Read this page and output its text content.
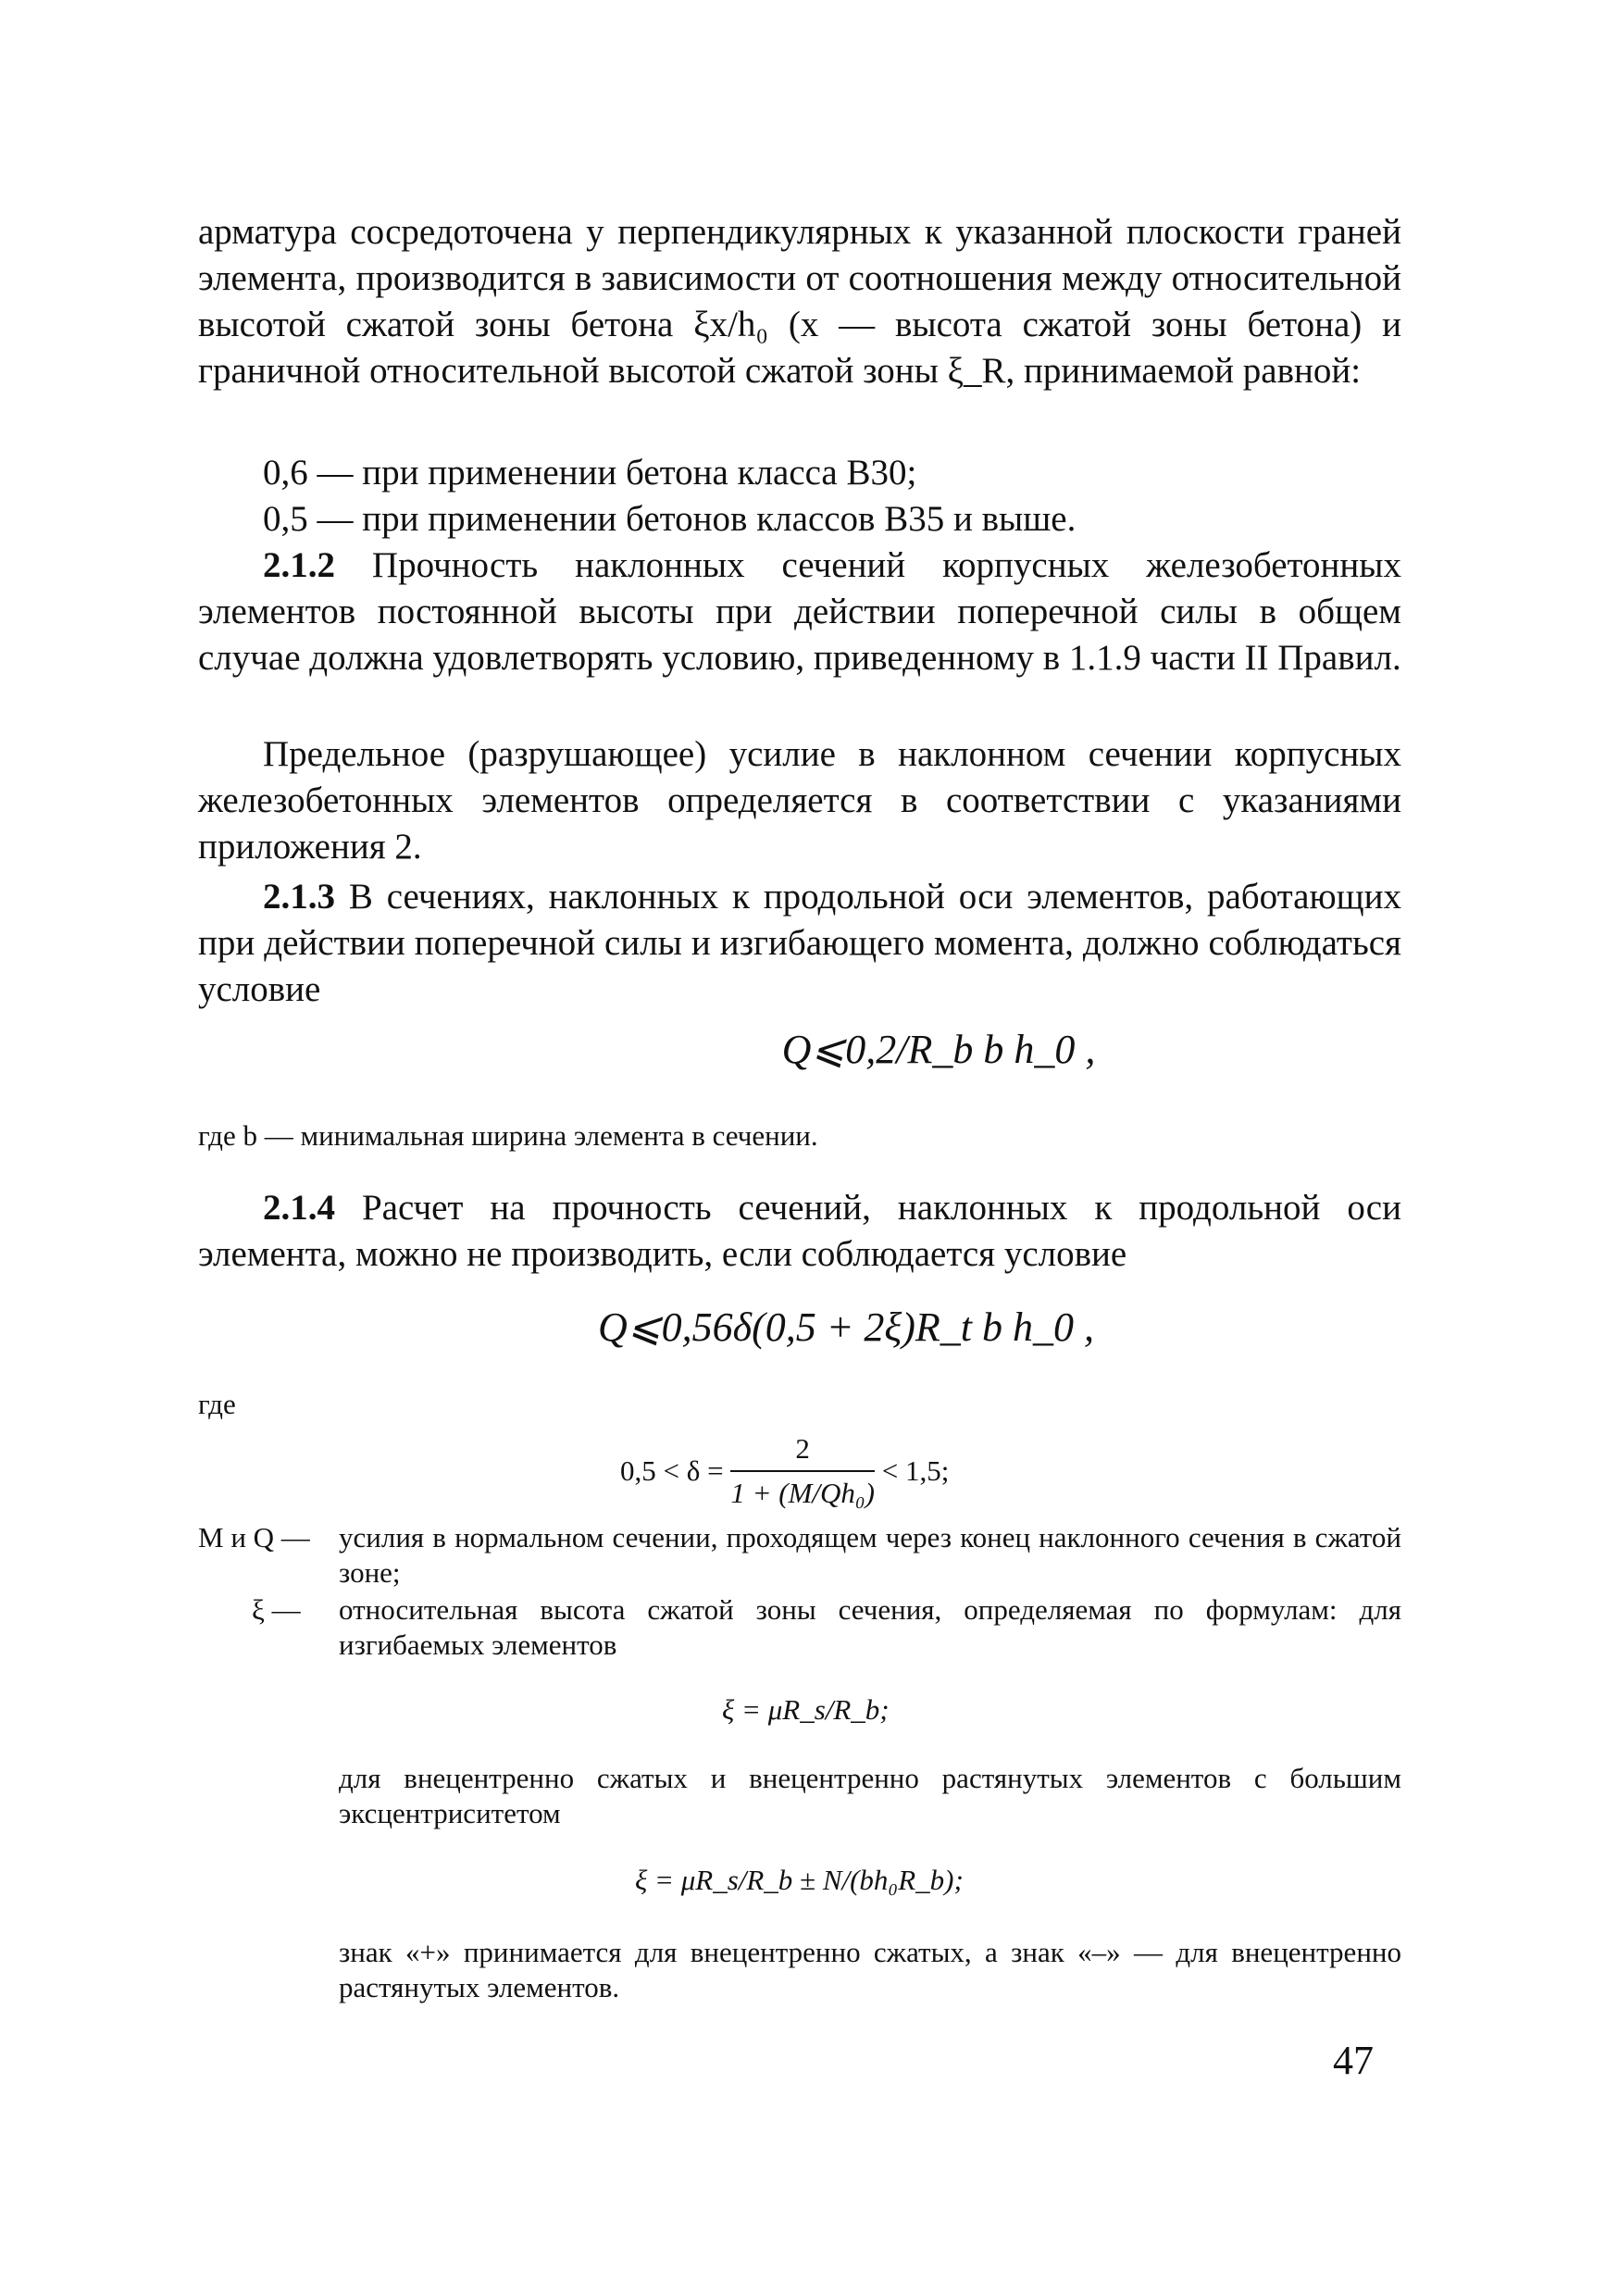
арматура сосредоточена у перпендикулярных к указанной плоскости граней элемента, производится в зависимости от соотношения между относительной высотой сжатой зоны бетона ξx/h₀ (x — высота сжатой зоны бетона) и граничной относительной высотой сжатой зоны ξ_R, принимаемой равной:

0,6 — при применении бетона класса B30;

0,5 — при применении бетонов классов B35 и выше.

2.1.2 Прочность наклонных сечений корпусных железобетонных элементов постоянной высоты при действии поперечной силы в общем случае должна удовлетворять условию, приведенному в 1.1.9 части II Правил.

Предельное (разрушающее) усилие в наклонном сечении корпусных железобетонных элементов определяется в соответствии с указаниями приложения 2.

2.1.3 В сечениях, наклонных к продольной оси элементов, работающих при действии поперечной силы и изгибающего момента, должно соблюдаться условие

Q⩽0,2/R_b b h_0 ,
где b — минимальная ширина элемента в сечении.

2.1.4 Расчет на прочность сечений, наклонных к продольной оси элемента, можно не производить, если соблюдается условие

Q⩽0,56δ(0,5 + 2ξ)R_t b h_0 ,
где
$0,5 < \delta = \frac{2}{\text{1 + (M/Qh₀)}} < 1,5$;
M и Q —	усилия в нормальном сечении, проходящем через конец наклонного сечения в сжатой зоне;
ξ —	относительная высота сжатой зоны сечения, определяемая по формулам: для изгибаемых элементов
ξ = μR_s/R_b;
для внецентренно сжатых и внецентренно растянутых элементов с большим эксцентриситетом
ξ = μR_s/R_b ± N/(bh₀R_b);
знак «+» принимается для внецентренно сжатых, а знак «–» — для внецентренно растянутых элементов.
47
